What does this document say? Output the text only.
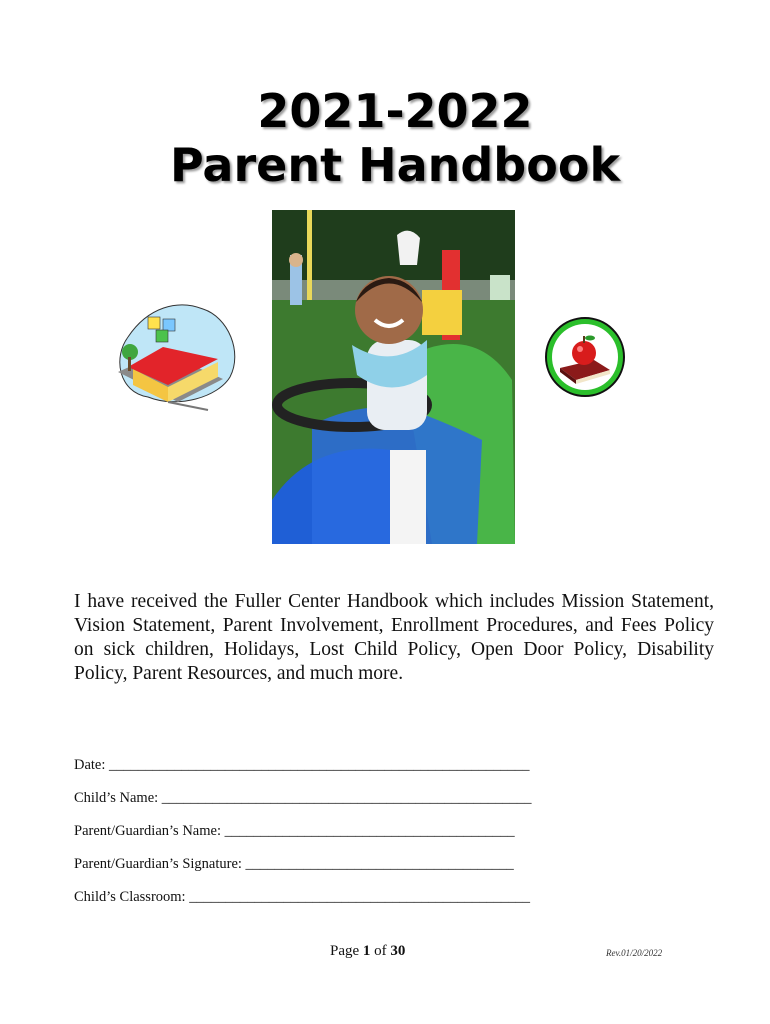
2021-2022
Parent Handbook
I have received the Fuller Center Handbook which includes Mission Statement, Vision Statement, Parent Involvement, Enrollment Procedures, and Fees Policy on sick children, Holidays, Lost Child Policy, Open Door Policy, Disability Policy, Parent Resources, and much more.
Date: __________________________________________________________
Child’s Name: ___________________________________________________
Parent/Guardian’s Name: ________________________________________
Parent/Guardian’s Signature: _____________________________________
Child’s Classroom: _______________________________________________
Page 1 of 30	Rev.01/20/2022
